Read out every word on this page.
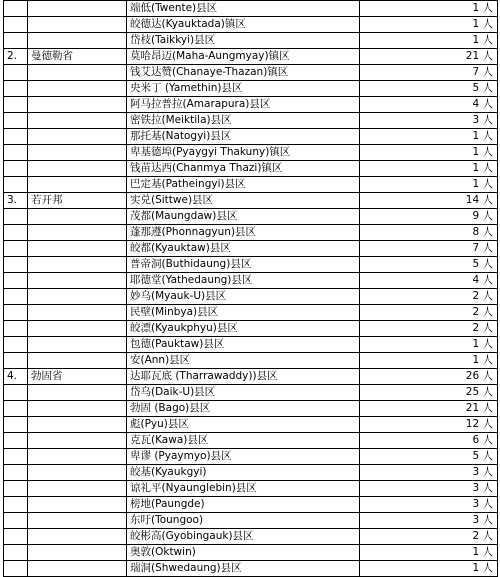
		端低(Twente)县区	1 人
		皎德达(Kyauktada)镇区	1 人
		岱枝(Taikkyi)县区	1 人
2.	曼德勒省	莫哈昂迈(Maha-Aungmyay)镇区	21 人
		钱艾达赞(Chanaye-Thazan)镇区	7 人
		央米丁 (Yamethin)县区	5 人
		阿马拉普拉(Amarapura)县区	4 人
		密铁拉(Meiktila)县区	3 人
		那托基(Natogyi)县区	1 人
		卑基德埠(Pyaygyi Thakuny)镇区	1 人
		钱苗达西(Chanmya Thazi)镇区	1 人
		巴定基(Patheingyi)县区	1 人
3.	若开邦	实兑(Sittwe)县区	14 人
		茂都(Maungdaw)县区	9 人
		蓬那遵(Phonnagyun)县区	8 人
		皎都(Kyauktaw)县区	7 人
		普帝洞(Buthidaung)县区	5 人
		耶德堂(Yathedaung)县区	4 人
		妙乌(Myauk-U)县区	2 人
		民壁(Minbya)县区	2 人
		皎漂(Kyaukphyu)县区	2 人
		包德(Pauktaw)县区	1 人
		安(Ann)县区	1 人
4.	勃固省	达耶瓦底 (Tharrawaddy))县区	26 人
		岱乌(Daik-U)县区	25 人
		勃固 (Bago)县区	21 人
		彪(Pyu)县区	12 人
		克瓦(Kawa)县区	6 人
		卑谬 (Pyaymyo)县区	5 人
		皎基(Kyaukgyi)	3 人
		谅礼平(Nyaunglebin)县区	3 人
		榜地(Paungde)	3 人
		东吁(Toungoo)	3 人
		皎彬高(Gyobingauk)县区	2 人
		奥敦(Oktwin)	1 人
		瑞洞(Shwedaung)县区	1 人
